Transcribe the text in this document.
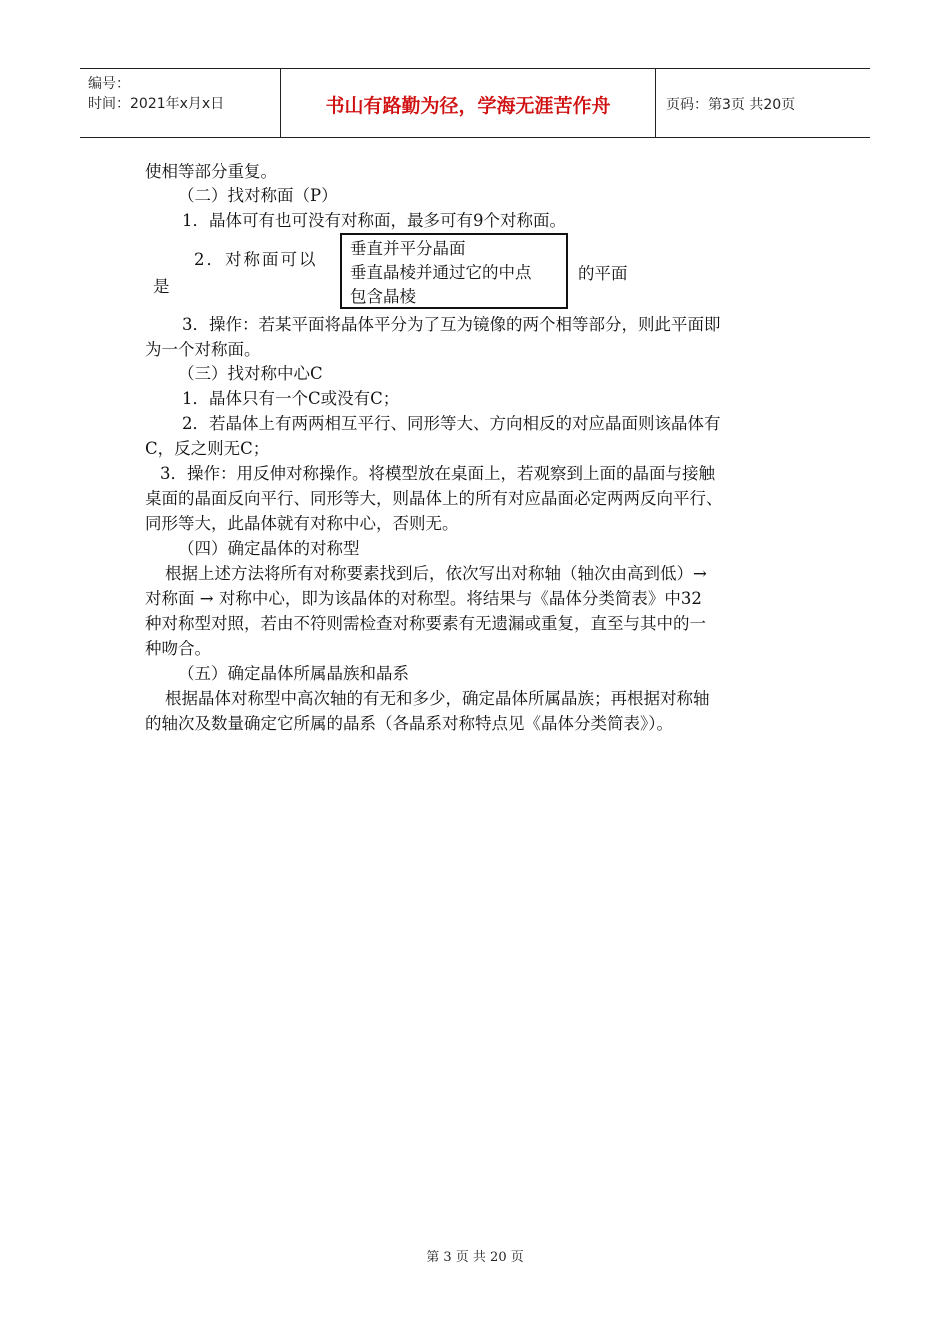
编号：
时间：2021年x月x日	书山有路勤为径，学海无涯苦作舟	页码：第3页 共20页
使相等部分重复。
（二）找对称面（P）
1．晶体可有也可没有对称面，最多可有9个对称面。
2．对称面可以
是
垂直并平分晶面
垂直晶棱并通过它的中点
包含晶棱
的平面
3．操作：若某平面将晶体平分为了互为镜像的两个相等部分，则此平面即
为一个对称面。
（三）找对称中心C
1．晶体只有一个C或没有C；
2．若晶体上有两两相互平行、同形等大、方向相反的对应晶面则该晶体有
C，反之则无C；
3．操作：用反伸对称操作。将模型放在桌面上，若观察到上面的晶面与接触
桌面的晶面反向平行、同形等大，则晶体上的所有对应晶面必定两两反向平行、
同形等大，此晶体就有对称中心，否则无。
（四）确定晶体的对称型
根据上述方法将所有对称要素找到后，依次写出对称轴（轴次由高到低）→
对称面 → 对称中心，即为该晶体的对称型。将结果与《晶体分类简表》中32
种对称型对照，若由不符则需检查对称要素有无遗漏或重复，直至与其中的一
种吻合。
（五）确定晶体所属晶族和晶系
根据晶体对称型中高次轴的有无和多少，确定晶体所属晶族；再根据对称轴
的轴次及数量确定它所属的晶系（各晶系对称特点见《晶体分类简表》）。
第 3 页 共 20 页
